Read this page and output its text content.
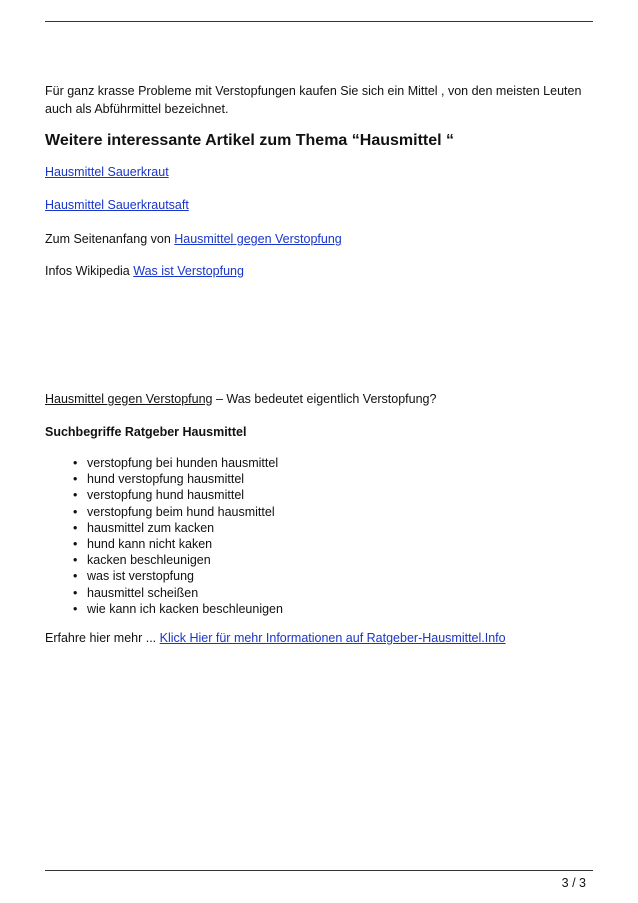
Für ganz krasse Probleme mit Verstopfungen kaufen Sie sich ein Mittel , von den meisten Leuten auch als Abführmittel bezeichnet.

Weitere interessante Artikel zum Thema “Hausmittel “

Hausmittel Sauerkraut

Hausmittel Sauerkrautsaft

Zum Seitenanfang von Hausmittel gegen Verstopfung

Infos Wikipedia Was ist Verstopfung

Hausmittel gegen Verstopfung – Was bedeutet eigentlich Verstopfung?

Suchbegriffe Ratgeber Hausmittel

• verstopfung bei hunden hausmittel
• hund verstopfung hausmittel
• verstopfung hund hausmittel
• verstopfung beim hund hausmittel
• hausmittel zum kacken
• hund kann nicht kaken
• kacken beschleunigen
• was ist verstopfung
• hausmittel scheißen
• wie kann ich kacken beschleunigen

Erfahre hier mehr ... Klick Hier für mehr Informationen auf Ratgeber-Hausmittel.Info

3 / 3
